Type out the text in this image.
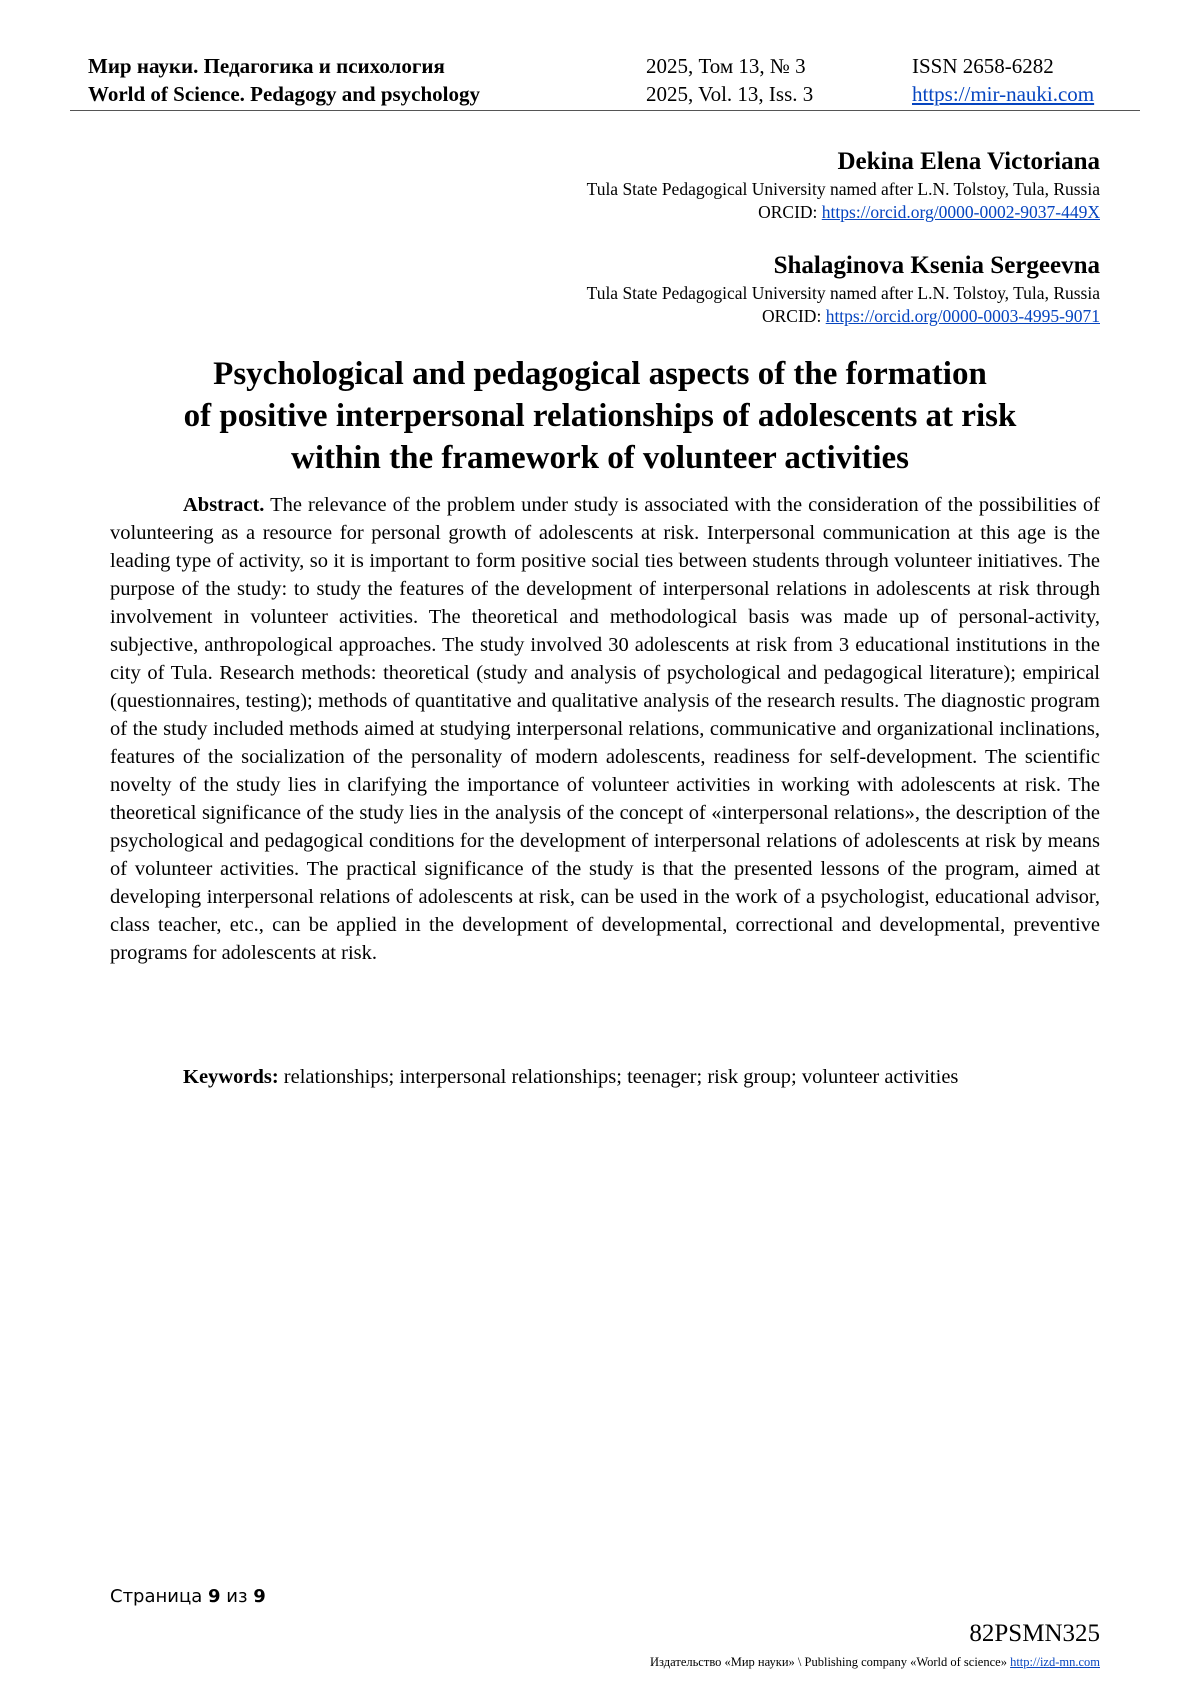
Мир науки. Педагогика и психология
World of Science. Pedagogy and psychology
2025, Том 13, № 3
2025, Vol. 13, Iss. 3
ISSN 2658-6282
https://mir-nauki.com
Dekina Elena Victoriana
Tula State Pedagogical University named after L.N. Tolstoy, Tula, Russia
ORCID: https://orcid.org/0000-0002-9037-449X
Shalaginova Ksenia Sergeevna
Tula State Pedagogical University named after L.N. Tolstoy, Tula, Russia
ORCID: https://orcid.org/0000-0003-4995-9071
Psychological and pedagogical aspects of the formation
of positive interpersonal relationships of adolescents at risk
within the framework of volunteer activities

Abstract. The relevance of the problem under study is associated with the consideration of the possibilities of volunteering as a resource for personal growth of adolescents at risk. Interpersonal communication at this age is the leading type of activity, so it is important to form positive social ties between students through volunteer initiatives. The purpose of the study: to study the features of the development of interpersonal relations in adolescents at risk through involvement in volunteer activities. The theoretical and methodological basis was made up of personal-activity, subjective, anthropological approaches. The study involved 30 adolescents at risk from 3 educational institutions in the city of Tula. Research methods: theoretical (study and analysis of psychological and pedagogical literature); empirical (questionnaires, testing); methods of quantitative and qualitative analysis of the research results. The diagnostic program of the study included methods aimed at studying interpersonal relations, communicative and organizational inclinations, features of the socialization of the personality of modern adolescents, readiness for self-development. The scientific novelty of the study lies in clarifying the importance of volunteer activities in working with adolescents at risk. The theoretical significance of the study lies in the analysis of the concept of «interpersonal relations», the description of the psychological and pedagogical conditions for the development of interpersonal relations of adolescents at risk by means of volunteer activities. The practical significance of the study is that the presented lessons of the program, aimed at developing interpersonal relations of adolescents at risk, can be used in the work of a psychologist, educational advisor, class teacher, etc., can be applied in the development of developmental, correctional and developmental, preventive programs for adolescents at risk.

Keywords: relationships; interpersonal relationships; teenager; risk group; volunteer activities

Страница 9 из 9
82PSMN325
Издательство «Мир науки» \ Publishing company «World of science» http://izd-mn.com
